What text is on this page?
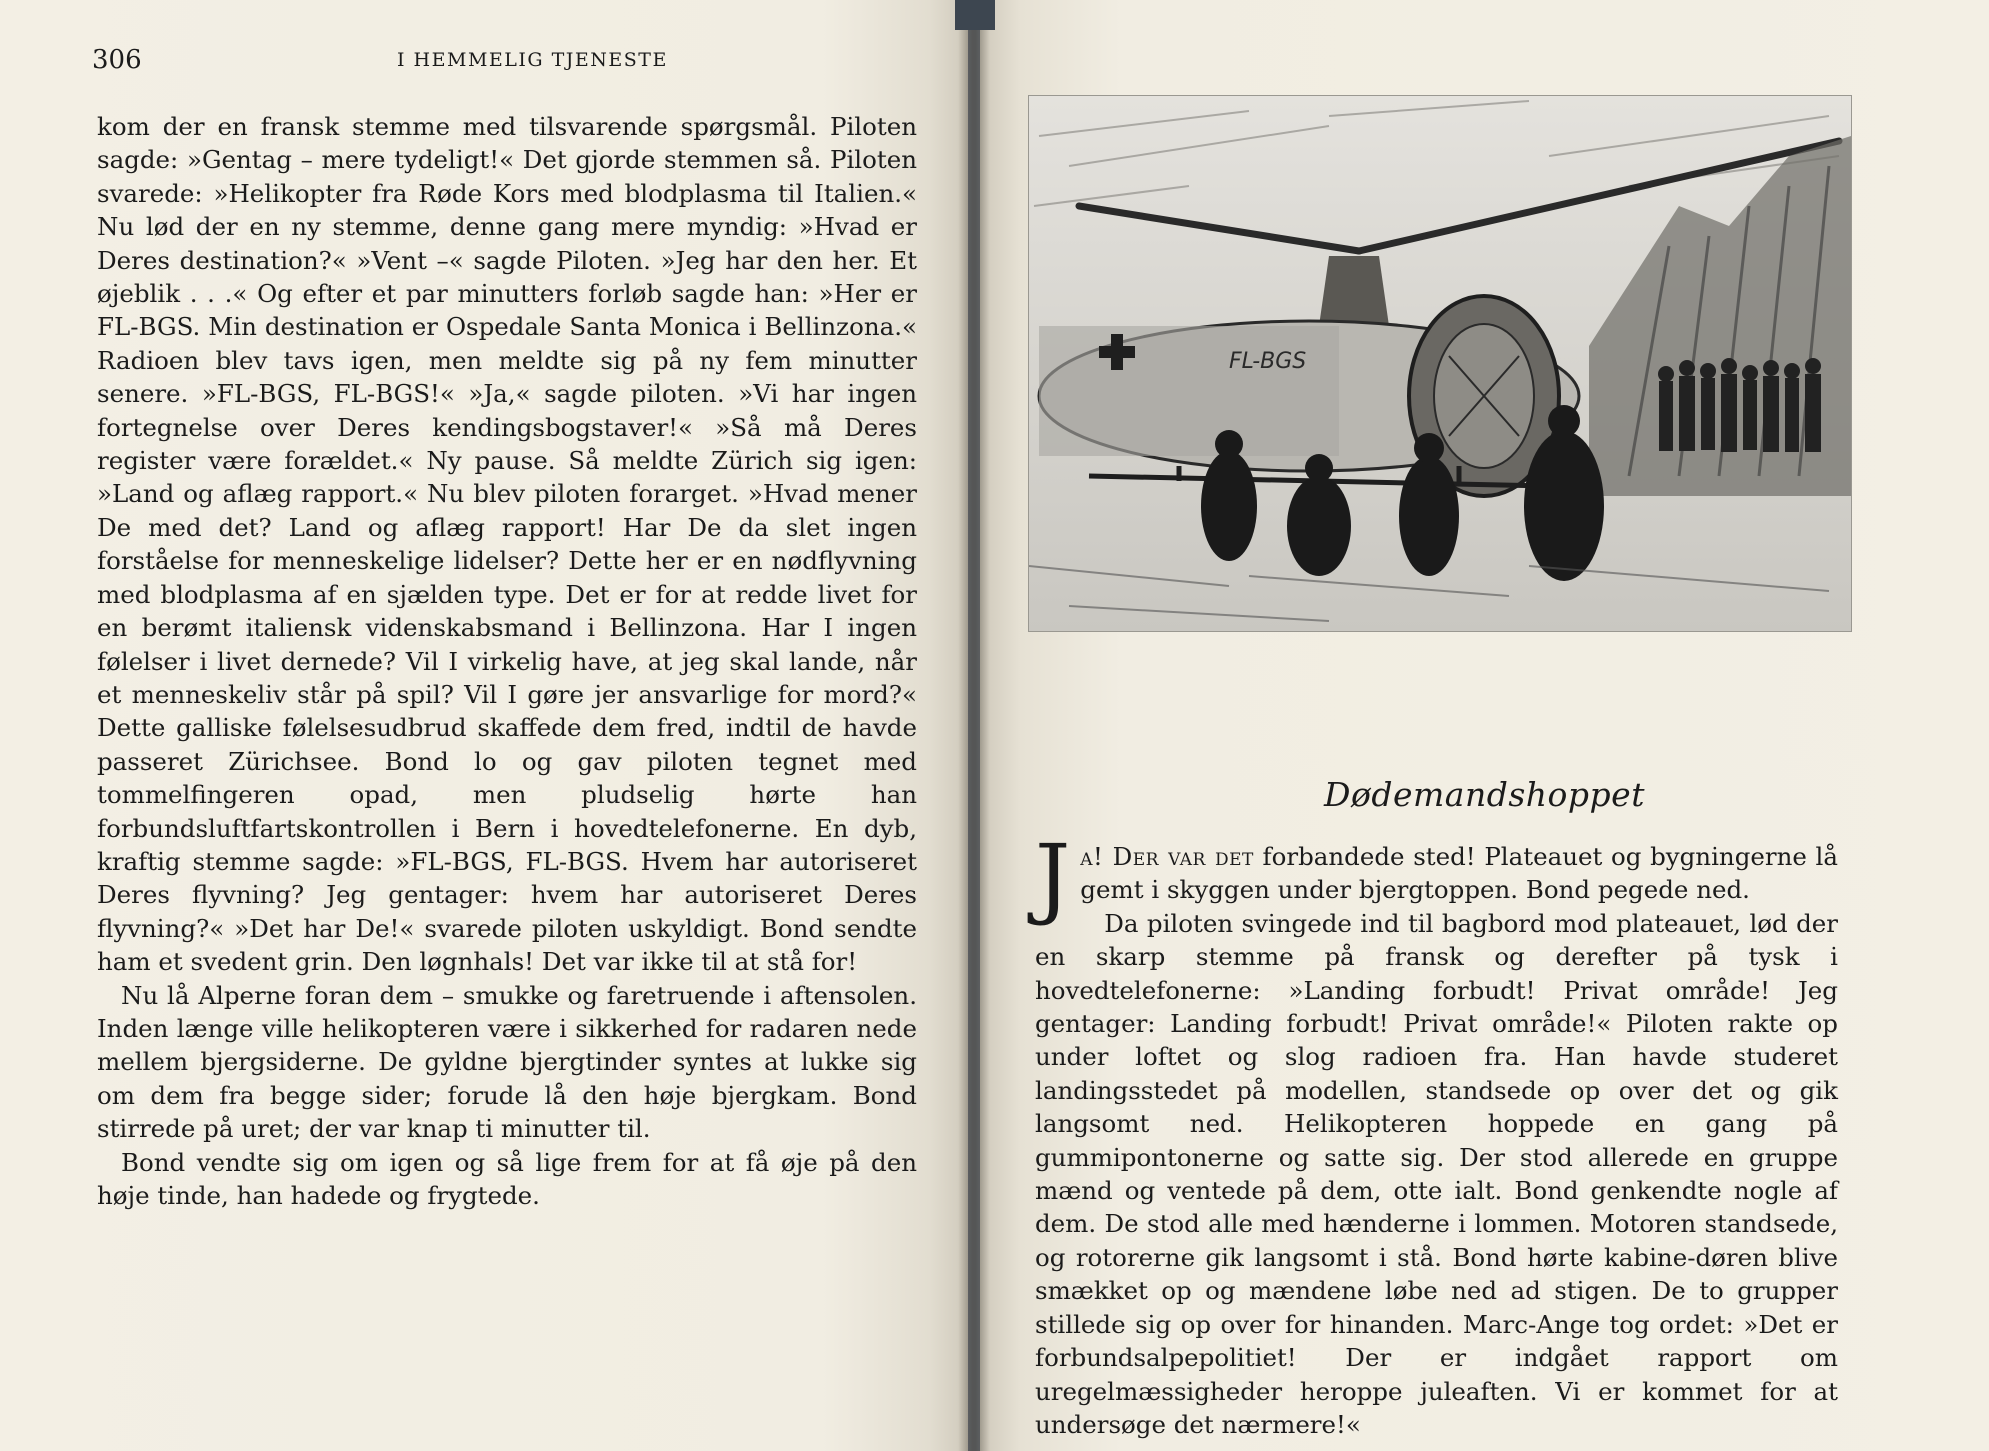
306	I HEMMELIG TJENESTE

kom der en fransk stemme med tilsvarende spørgsmål. Piloten sagde: »Gentag – mere tydeligt!« Det gjorde stemmen så. Piloten svarede: »Helikopter fra Røde Kors med blodplasma til Italien.« Nu lød der en ny stemme, denne gang mere myndig: »Hvad er Deres destination?« »Vent –« sagde Piloten. »Jeg har den her. Et øjeblik . . .« Og efter et par minutters forløb sagde han: »Her er FL-BGS. Min destination er Ospedale Santa Monica i Bellinzona.« Radioen blev tavs igen, men meldte sig på ny fem minutter senere. »FL-BGS, FL-BGS!« »Ja,« sagde piloten. »Vi har ingen fortegnelse over Deres kendingsbogstaver!« »Så må Deres register være forældet.« Ny pause. Så meldte Zürich sig igen: »Land og aflæg rapport.« Nu blev piloten forarget. »Hvad mener De med det? Land og aflæg rapport! Har De da slet ingen forståelse for menneskelige lidelser? Dette her er en nødflyvning med blodplasma af en sjælden type. Det er for at redde livet for en berømt italiensk videnskabsmand i Bellinzona. Har I ingen følelser i livet dernede? Vil I virkelig have, at jeg skal lande, når et menneskeliv står på spil? Vil I gøre jer ansvarlige for mord?« Dette galliske følelsesudbrud skaffede dem fred, indtil de havde passeret Zürichsee. Bond lo og gav piloten tegnet med tommelfingeren opad, men pludselig hørte han forbundsluftfartskontrollen i Bern i hovedtelefonerne. En dyb, kraftig stemme sagde: »FL-BGS, FL-BGS. Hvem har autoriseret Deres flyvning? Jeg gentager: hvem har autoriseret Deres flyvning?« »Det har De!« svarede piloten uskyldigt. Bond sendte ham et svedent grin. Den løgnhals! Det var ikke til at stå for!

Nu lå Alperne foran dem – smukke og faretruende i aftensolen. Inden længe ville helikopteren være i sikkerhed for radaren nede mellem bjergsiderne. De gyldne bjergtinder syntes at lukke sig om dem fra begge sider; forude lå den høje bjergkam. Bond stirrede på uret; der var knap ti minutter til.

Bond vendte sig om igen og så lige frem for at få øje på den høje tinde, han hadede og frygtede.

FL-BGS
Dødemandshoppet

Ja! Der var det forbandede sted! Plateauet og bygningerne lå gemt i skyggen under bjergtoppen. Bond pegede ned.

Da piloten svingede ind til bagbord mod plateauet, lød der en skarp stemme på fransk og derefter på tysk i hovedtelefonerne: »Landing forbudt! Privat område! Jeg gentager: Landing forbudt! Privat område!« Piloten rakte op under loftet og slog radioen fra. Han havde studeret landingsstedet på modellen, standsede op over det og gik langsomt ned. Helikopteren hoppede en gang på gummipontonerne og satte sig. Der stod allerede en gruppe mænd og ventede på dem, otte ialt. Bond genkendte nogle af dem. De stod alle med hænderne i lommen. Motoren standsede, og rotorerne gik langsomt i stå. Bond hørte kabine-døren blive smækket op og mændene løbe ned ad stigen. De to grupper stillede sig op over for hinanden. Marc-Ange tog ordet: »Det er forbundsalpepolitiet! Der er indgået rapport om uregelmæssigheder heroppe juleaften. Vi er kommet for at undersøge det nærmere!«
